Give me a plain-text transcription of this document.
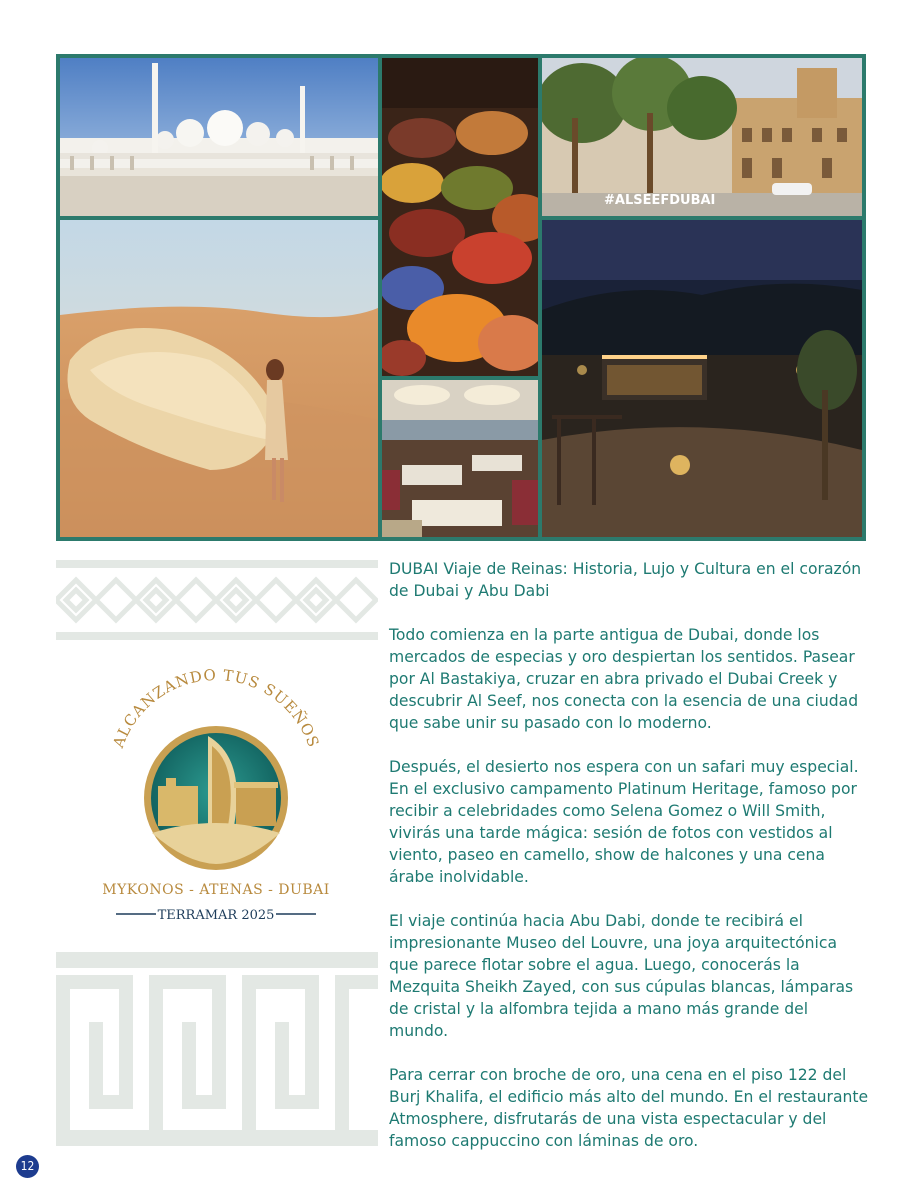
#ALSEEFDUBAI
ALCANZANDO TUS SUEÑOS
MYKONOS - ATENAS - DUBAI
TERRAMAR 2025

DUBAI Viaje de Reinas: Historia, Lujo y Cultura en el corazón de Dubai y Abu Dabi

Todo comienza en la parte antigua de Dubai, donde los mercados de especias y oro despiertan los sentidos. Pasear por Al Bastakiya, cruzar en abra privado el Dubai Creek y descubrir Al Seef, nos conecta con la esencia de una ciudad que sabe unir su pasado con lo moderno.

Después, el desierto nos espera con un safari muy especial. En el exclusivo campamento Platinum Heritage, famoso por recibir a celebridades como Selena Gomez o Will Smith, vivirás una tarde mágica: sesión de fotos con vestidos al viento, paseo en camello, show de halcones y una cena árabe inolvidable.

El viaje continúa hacia Abu Dabi, donde te recibirá el impresionante Museo del Louvre, una joya arquitectónica que parece flotar sobre el agua. Luego, conocerás la Mezquita Sheikh Zayed, con sus cúpulas blancas, lámparas de cristal y la alfombra tejida a mano más grande del mundo.

Para cerrar con broche de oro, una cena en el piso 122 del Burj Khalifa, el edificio más alto del mundo. En el restaurante Atmosphere, disfrutarás de una vista espectacular y del famoso cappuccino con láminas de oro.

12
